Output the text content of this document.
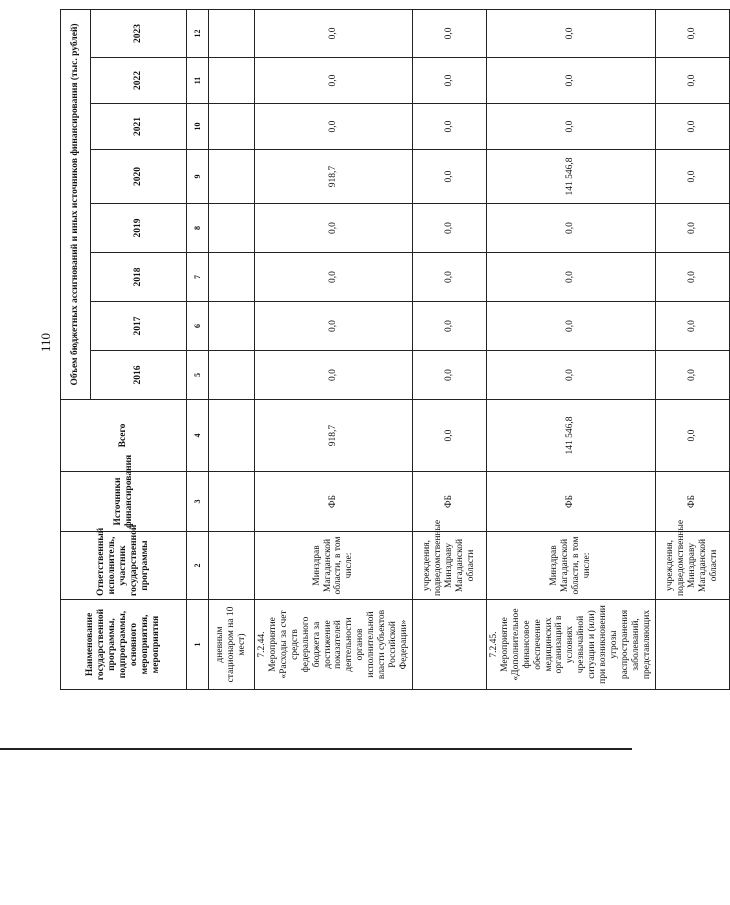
110
Наименование государственной программы, подпрограммы, основного мероприятия, мероприятия	Ответственный исполнитель, участник государственной программы	Источники финансирования	Всего	Объем бюджетных ассигнований и иных источников финансирования (тыс. рублей)							
				2016	2017	2018	2019	2020	2021	2022	2023
1	2	3	4	5	6	7	8	9	10	11	12
дневным стационаром на 10 мест)											
7.2.44. Мероприятие «Расходы за счет средств федерального бюджета за достижение показателей деятельности органов исполнительной власти субъектов Российской Федерации»	Минздрав Магаданской области, в том числе:	ФБ	918,7	0,0	0,0	0,0	0,0	918,7	0,0	0,0	0,0
	учреждения, подведомственные Минздраву Магаданской области	ФБ	0,0	0,0	0,0	0,0	0,0	0,0	0,0	0,0	0,0
7.2.45. Мероприятие «Дополнительное финансовое обеспечение медицинских организаций в условиях чрезвычайной ситуации и (или) при возникновении угрозы распространения заболеваний, представляющих	Минздрав Магаданской области, в том числе:	ФБ	141 546,8	0,0	0,0	0,0	0,0	141 546,8	0,0	0,0	0,0
	учреждения, подведомственные Минздраву Магаданской области	ФБ	0,0	0,0	0,0	0,0	0,0	0,0	0,0	0,0	0,0
